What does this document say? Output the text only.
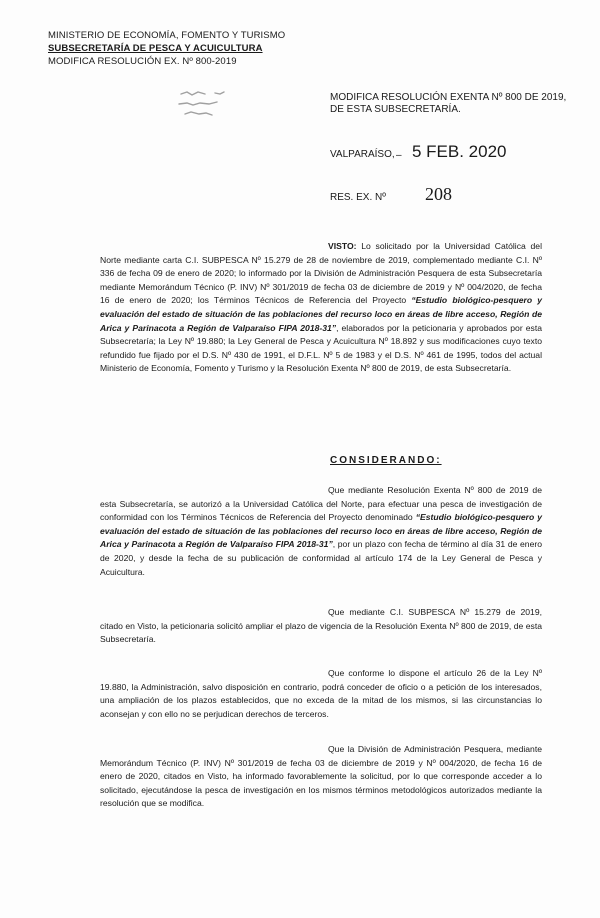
MINISTERIO DE ECONOMÍA, FOMENTO Y TURISMO
SUBSECRETARÍA DE PESCA Y ACUICULTURA
MODIFICA RESOLUCIÓN EX. Nº 800-2019
MODIFICA RESOLUCIÓN EXENTA Nº 800 DE 2019,
DE ESTA SUBSECRETARÍA.
VALPARAÍSO, – 5 FEB. 2020
RES. EX. Nº 208
VISTO: Lo solicitado por la Universidad Católica del Norte mediante carta C.I. SUBPESCA Nº 15.279 de 28 de noviembre de 2019, complementado mediante C.I. Nº 336 de fecha 09 de enero de 2020; lo informado por la División de Administración Pesquera de esta Subsecretaría mediante Memorándum Técnico (P. INV) Nº 301/2019 de fecha 03 de diciembre de 2019 y Nº 004/2020, de fecha 16 de enero de 2020; los Términos Técnicos de Referencia del Proyecto “Estudio biológico-pesquero y evaluación del estado de situación de las poblaciones del recurso loco en áreas de libre acceso, Región de Arica y Parinacota a Región de Valparaíso FIPA 2018-31”, elaborados por la peticionaria y aprobados por esta Subsecretaría; la Ley Nº 19.880; la Ley General de Pesca y Acuicultura Nº 18.892 y sus modificaciones cuyo texto refundido fue fijado por el D.S. Nº 430 de 1991, el D.F.L. Nº 5 de 1983 y el D.S. Nº 461 de 1995, todos del actual Ministerio de Economía, Fomento y Turismo y la Resolución Exenta Nº 800 de 2019, de esta Subsecretaría.
CONSIDERANDO:
Que mediante Resolución Exenta Nº 800 de 2019 de esta Subsecretaría, se autorizó a la Universidad Católica del Norte, para efectuar una pesca de investigación de conformidad con los Términos Técnicos de Referencia del Proyecto denominado “Estudio biológico-pesquero y evaluación del estado de situación de las poblaciones del recurso loco en áreas de libre acceso, Región de Arica y Parinacota a Región de Valparaíso FIPA 2018-31”, por un plazo con fecha de término al día 31 de enero de 2020, y desde la fecha de su publicación de conformidad al artículo 174 de la Ley General de Pesca y Acuicultura.
Que mediante C.I. SUBPESCA Nº 15.279 de 2019, citado en Visto, la peticionaria solicitó ampliar el plazo de vigencia de la Resolución Exenta Nº 800 de 2019, de esta Subsecretaría.
Que conforme lo dispone el artículo 26 de la Ley Nº 19.880, la Administración, salvo disposición en contrario, podrá conceder de oficio o a petición de los interesados, una ampliación de los plazos establecidos, que no exceda de la mitad de los mismos, si las circunstancias lo aconsejan y con ello no se perjudican derechos de terceros.
Que la División de Administración Pesquera, mediante Memorándum Técnico (P. INV) Nº 301/2019 de fecha 03 de diciembre de 2019 y Nº 004/2020, de fecha 16 de enero de 2020, citados en Visto, ha informado favorablemente la solicitud, por lo que corresponde acceder a lo solicitado, ejecutándose la pesca de investigación en los mismos términos metodológicos autorizados mediante la resolución que se modifica.
